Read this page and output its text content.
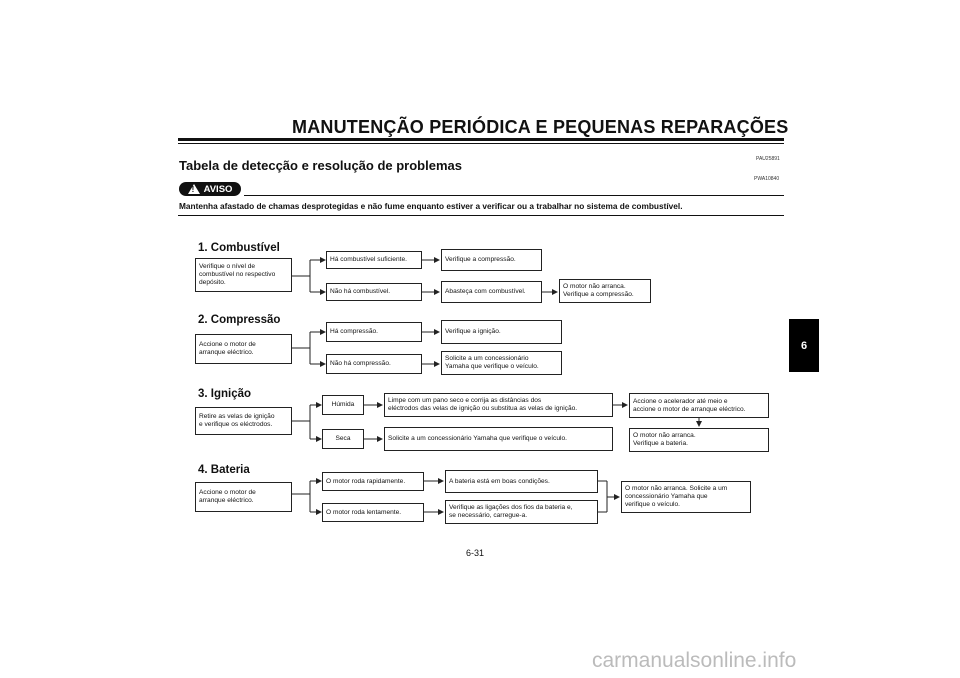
MANUTENÇÃO PERIÓDICA E PEQUENAS REPARAÇÕES
Tabela de detecção e resolução de problemas	PAU25891
PWA10840
!
AVISO
Mantenha afastado de chamas desprotegidas e não fume enquanto estiver a verificar ou a trabalhar no sistema de combustível.
6
1. Combustível
Verifique o nível de
combustível no respectivo
depósito.
Há combustível suficiente.	Verifique a compressão.
Não há combustível.	Abasteça com combustível.
O motor não arranca.
Verifique a compressão.
2. Compressão
Accione o motor de
arranque eléctrico.
Há compressão.	Verifique a ignição.
Não há compressão.
Solicite a um concessionário
Yamaha que verifique o veículo.
3. Ignição
Retire as velas de ignição
e verifique os eléctrodos.
Húmida
Limpe com um pano seco e corrija as distâncias dos
eléctrodos das velas de ignição ou substitua as velas de ignição.
Accione o acelerador até meio e
accione o motor de arranque eléctrico.
O motor não arranca.
Verifique a bateria.
Seca	Solicite a um concessionário Yamaha que verifique o veículo.
4. Bateria
Accione o motor de
arranque eléctrico.
O motor roda rapidamente.	A bateria está em boas condições.
O motor roda lentamente.
Verifique as ligações dos fios da bateria e,
se necessário, carregue-a.
O motor não arranca. Solicite a um
concessionário Yamaha que
verifique o veículo.
6-31
carmanualsonline.info
